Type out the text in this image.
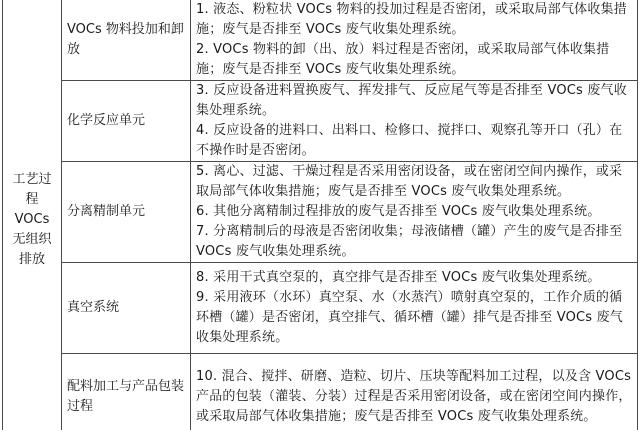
工艺过程 VOCs 无组织排放	VOCs 物料投加和卸放	1. 液态、粉粒状 VOCs 物料的投加过程是否密闭，或采取局部气体收集措施；废气是否排至 VOCs 废气收集处理系统。

2. VOCs 物料的卸（出、放）料过程是否密闭，或采取局部气体收集措施；废气是否排至 VOCs 废气收集处理系统。

	化学反应单元	3. 反应设备进料置换废气、挥发排气、反应尾气等是否排至 VOCs 废气收集处理系统。

4. 反应设备的进料口、出料口、检修口、搅拌口、观察孔等开口（孔）在不操作时是否密闭。

	分离精制单元	5. 离心、过滤、干燥过程是否采用密闭设备，或在密闭空间内操作，或采取局部气体收集措施；废气是否排至 VOCs 废气收集处理系统。

6. 其他分离精制过程排放的废气是否排至 VOCs 废气收集处理系统。

7. 分离精制后的母液是否密闭收集；母液储槽（罐）产生的废气是否排至 VOCs 废气收集处理系统。

	真空系统	8. 采用干式真空泵的，真空排气是否排至 VOCs 废气收集处理系统。

9. 采用液环（水环）真空泵、水（水蒸汽）喷射真空泵的，工作介质的循环槽（罐）是否密闭，真空排气、循环槽（罐）排气是否排至 VOCs 废气收集处理系统。

	配料加工与产品包装过程	10. 混合、搅拌、研磨、造粒、切片、压块等配料加工过程，以及含 VOCs 产品的包装（灌装、分装）过程是否采用密闭设备，或在密闭空间内操作，或采取局部气体收集措施；废气是否排至 VOCs 废气收集处理系统。
